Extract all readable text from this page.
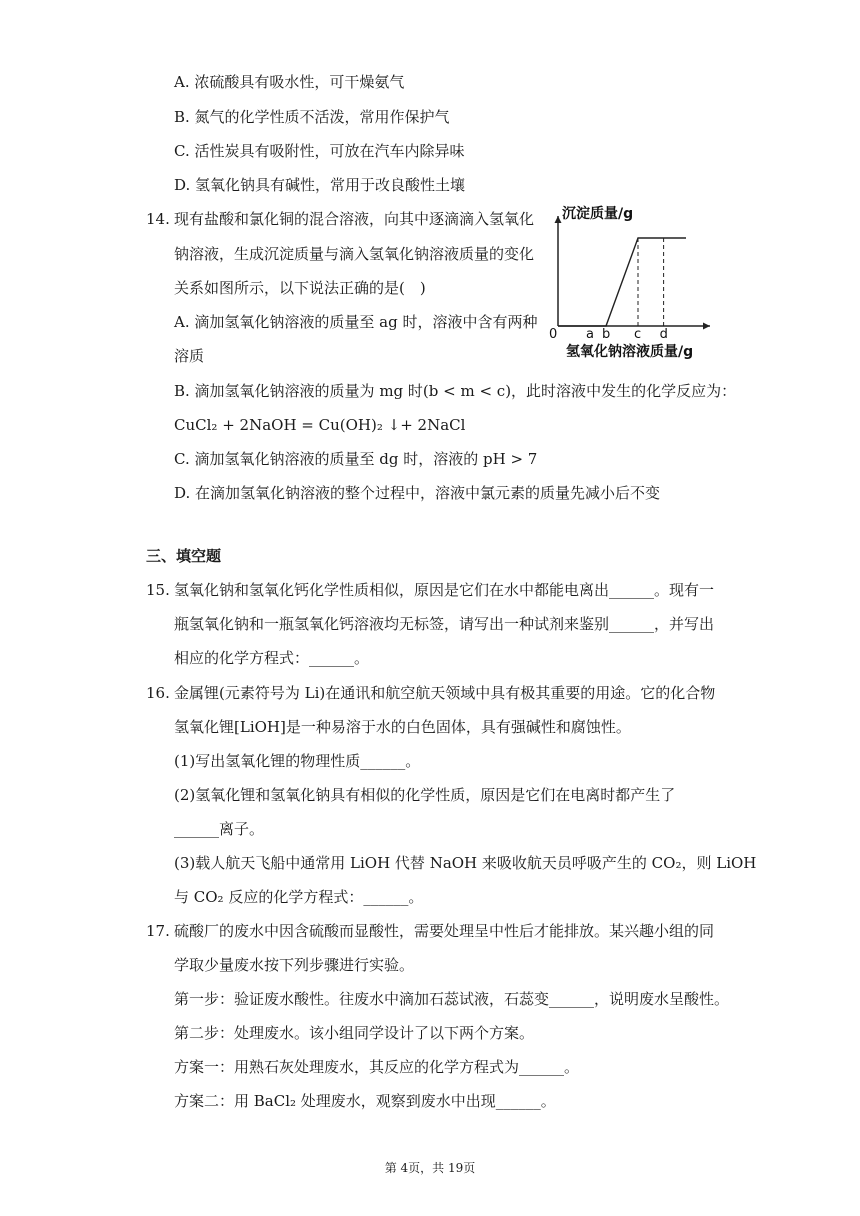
A. 浓硫酸具有吸水性，可干燥氨气
B. 氮气的化学性质不活泼，常用作保护气
C. 活性炭具有吸附性，可放在汽车内除异味
D. 氢氧化钠具有碱性，常用于改良酸性土壤
14. 现有盐酸和氯化铜的混合溶液，向其中逐滴滴入氢氧化
钠溶液，生成沉淀质量与滴入氢氧化钠溶液质量的变化
关系如图所示，以下说法正确的是(　)
A. 滴加氢氧化钠溶液的质量至 ag 时，溶液中含有两种
溶质
沉淀质量/g
氢氧化钠溶液质量/g
0 a b c d
B. 滴加氢氧化钠溶液的质量为 mg 时(b < m < c)，此时溶液中发生的化学反应为：
CuCl₂ + 2NaOH = Cu(OH)₂ ↓+ 2NaCl
C. 滴加氢氧化钠溶液的质量至 dg 时，溶液的 pH > 7
D. 在滴加氢氧化钠溶液的整个过程中，溶液中氯元素的质量先减小后不变
三、填空题
15. 氢氧化钠和氢氧化钙化学性质相似，原因是它们在水中都能电离出______。现有一
瓶氢氧化钠和一瓶氢氧化钙溶液均无标签，请写出一种试剂来鉴别______，并写出
相应的化学方程式：______。
16. 金属锂(元素符号为 Li)在通讯和航空航天领域中具有极其重要的用途。它的化合物
氢氧化锂[LiOH]是一种易溶于水的白色固体，具有强碱性和腐蚀性。
(1)写出氢氧化锂的物理性质______。
(2)氢氧化锂和氢氧化钠具有相似的化学性质，原因是它们在电离时都产生了
______离子。
(3)载人航天飞船中通常用 LiOH 代替 NaOH 来吸收航天员呼吸产生的 CO₂，则 LiOH
与 CO₂ 反应的化学方程式：______。
17. 硫酸厂的废水中因含硫酸而显酸性，需要处理呈中性后才能排放。某兴趣小组的同
学取少量废水按下列步骤进行实验。
第一步：验证废水酸性。往废水中滴加石蕊试液，石蕊变______，说明废水呈酸性。
第二步：处理废水。该小组同学设计了以下两个方案。
方案一：用熟石灰处理废水，其反应的化学方程式为______。
方案二：用 BaCl₂ 处理废水，观察到废水中出现______。
第 4页，共 19页
